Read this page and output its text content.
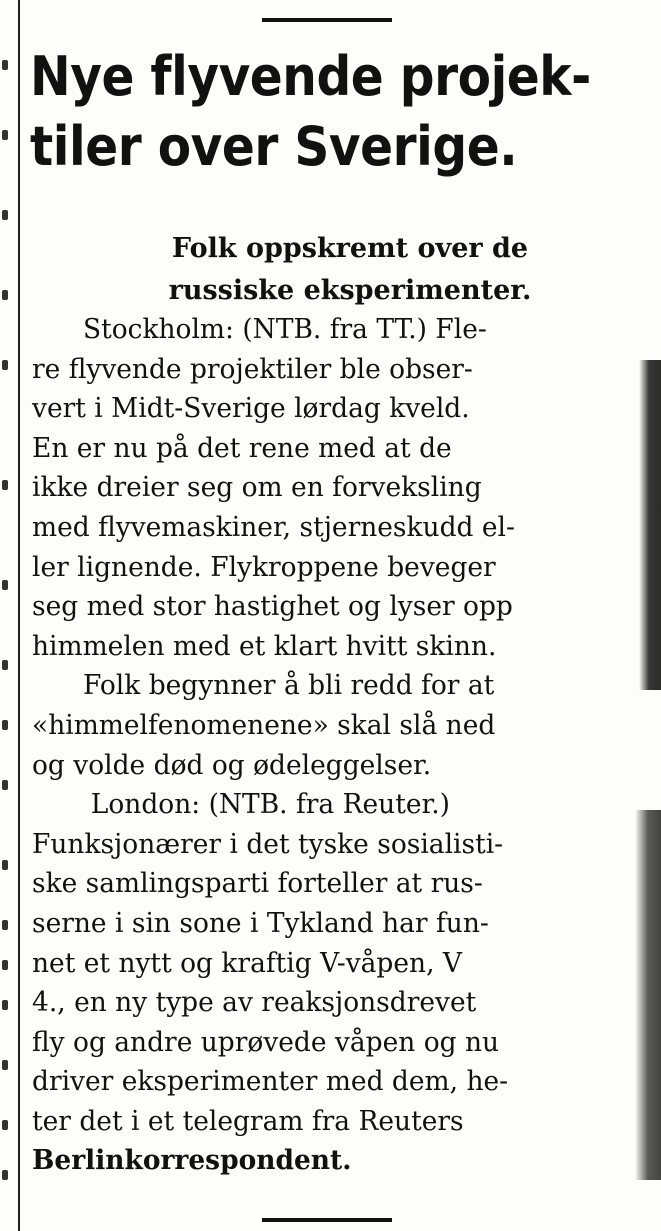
Nye flyvende projek-
tiler over Sverige.
Folk oppskremt over de
russiske eksperimenter.
Stockholm: (NTB. fra TT.) Fle-
re flyvende projektiler ble obser-
vert i Midt-Sverige lørdag kveld.
En er nu på det rene med at de
ikke dreier seg om en forveksling
med flyvemaskiner, stjerneskudd el-
ler lignende. Flykroppene beveger
seg med stor hastighet og lyser opp
himmelen med et klart hvitt skinn.
Folk begynner å bli redd for at
«himmelfenomenene» skal slå ned
og volde død og ødeleggelser.
London: (NTB. fra Reuter.)
Funksjonærer i det tyske sosialisti-
ske samlingsparti forteller at rus-
serne i sin sone i Tykland har fun-
net et nytt og kraftig V-våpen, V
4., en ny type av reaksjonsdrevet
fly og andre uprøvede våpen og nu
driver eksperimenter med dem, he-
ter det i et telegram fra Reuters
Berlinkorrespondent.
